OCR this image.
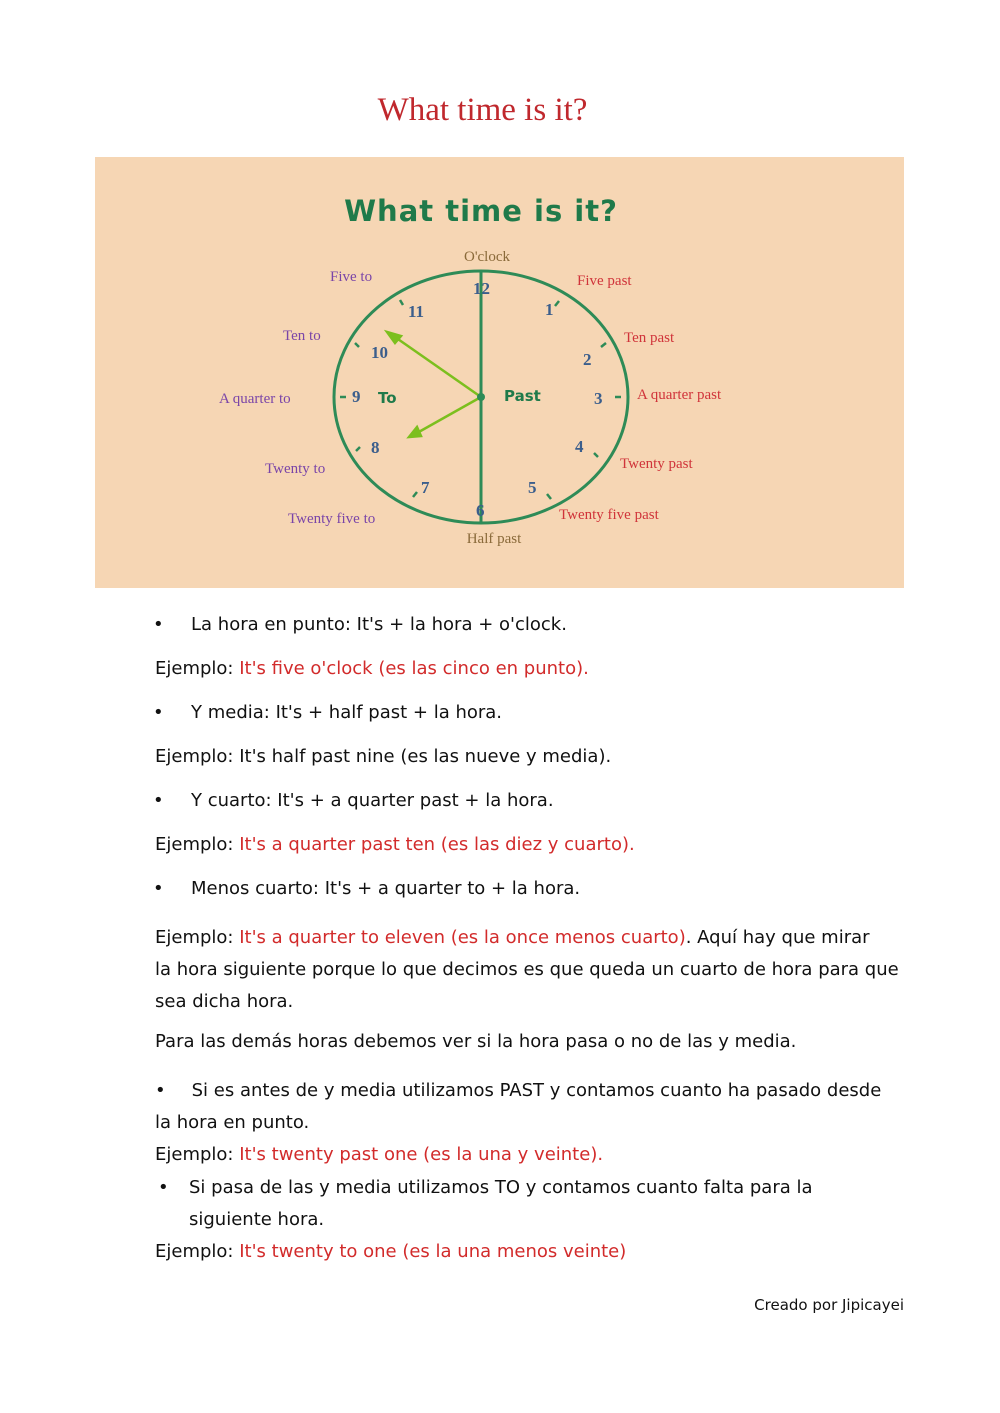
What time is it?
What time is it?
12
1
2
3
4
5
6
7
8
9
10
11
To	Past
O'clock
Half past
Five past
Ten past
A quarter past
Twenty past
Twenty five past
Five to
Ten to
A quarter to
Twenty to
Twenty five to
• La hora en punto: It's + la hora + o'clock.
Ejemplo: It's five o'clock (es las cinco en punto).
• Y media: It's + half past + la hora.
Ejemplo: It's half past nine (es las nueve y media).
• Y cuarto: It's + a quarter past + la hora.
Ejemplo: It's a quarter past ten (es las diez y cuarto).
• Menos cuarto: It's + a quarter to + la hora.
Ejemplo: It's a quarter to eleven (es la once menos cuarto). Aquí hay que mirar
la hora siguiente porque lo que decimos es que queda un cuarto de hora para que
sea dicha hora.
Para las demás horas debemos ver si la hora pasa o no de las y media.
• Si es antes de y media utilizamos PAST y contamos cuanto ha pasado desde
la hora en punto.
Ejemplo: It's twenty past one (es la una y veinte).
• Si pasa de las y media utilizamos TO y contamos cuanto falta para la
siguiente hora.
Ejemplo: It's twenty to one (es la una menos veinte)
Creado por Jipicayei
